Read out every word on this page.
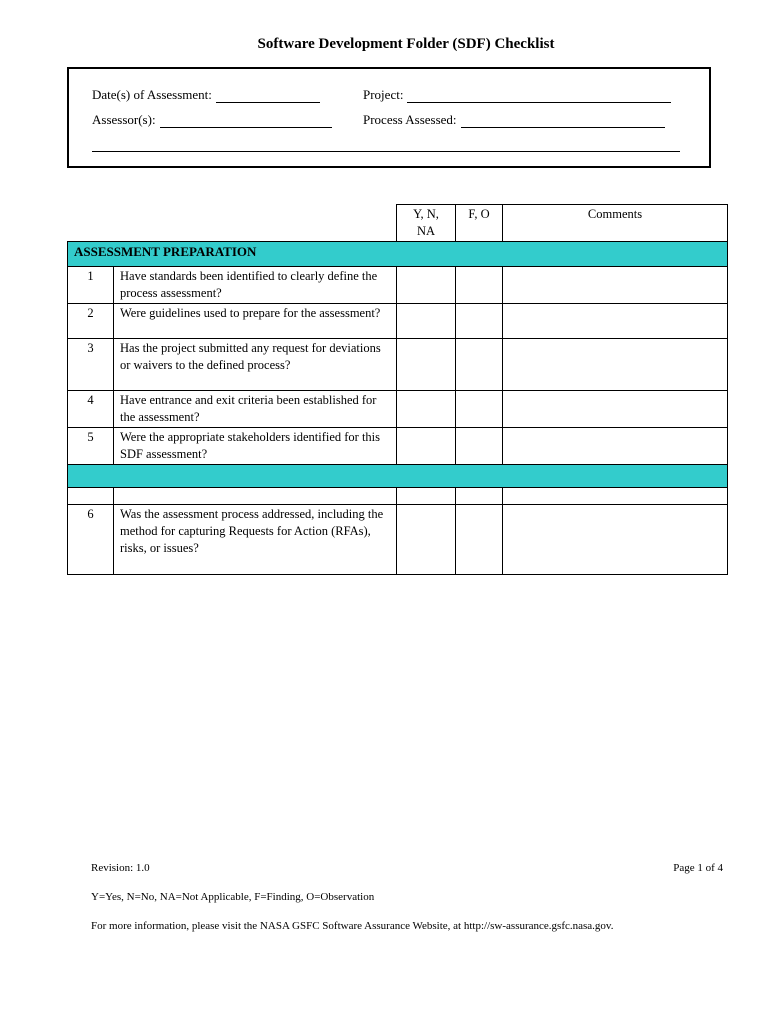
Software Development Folder (SDF) Checklist
Date(s) of Assessment:	Project:
Assessor(s):	Process Assessed:
		Y, N, NA	F, O	Comments
ASSESSMENT PREPARATION				
1	Have standards been identified to clearly define the process assessment?			
2	Were guidelines used to prepare for the assessment?			
3	Has the project submitted any request for deviations or waivers to the defined process?			
4	Have entrance and exit criteria been established for the assessment?			
5	Were the appropriate stakeholders identified for this SDF assessment?			

6	Was the assessment process addressed, including the method for capturing Requests for Action (RFAs), risks, or issues?			
Revision: 1.0	Page 1 of 4
Y=Yes, N=No, NA=Not Applicable, F=Finding, O=Observation
For more information, please visit the NASA GSFC Software Assurance Website, at http://sw-assurance.gsfc.nasa.gov.
